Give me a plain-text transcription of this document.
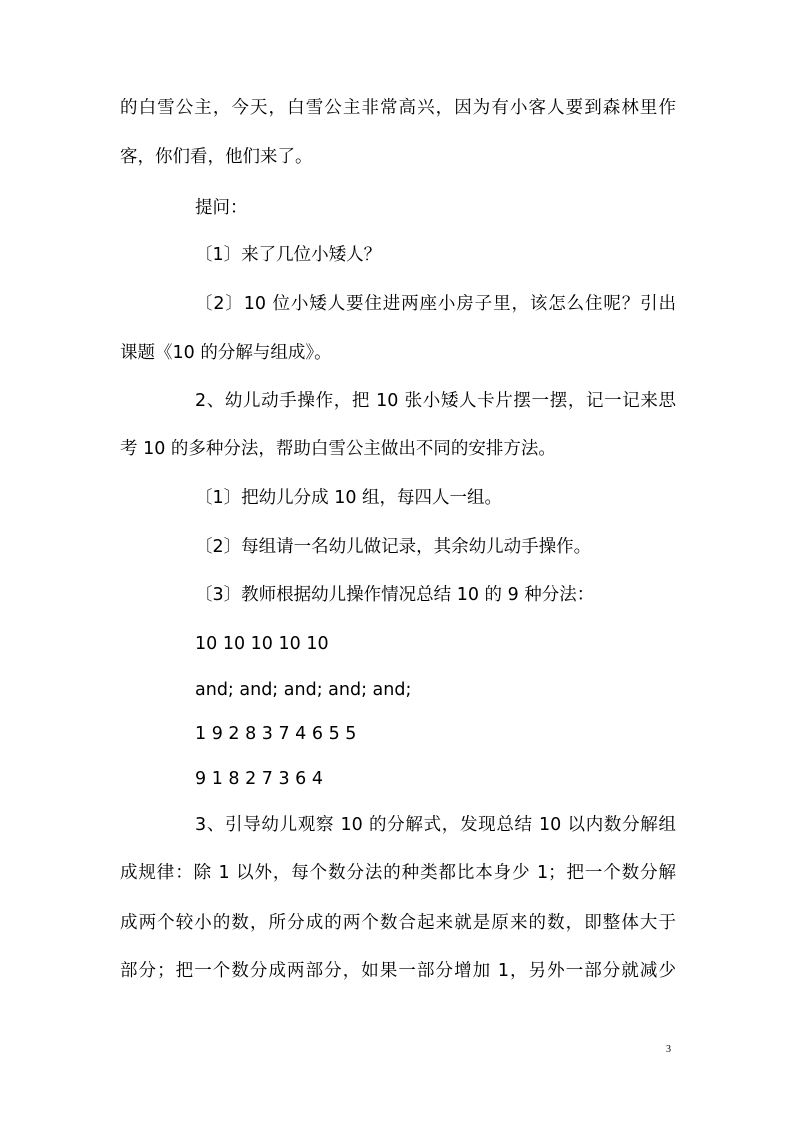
的白雪公主，今天，白雪公主非常高兴，因为有小客人要到森林里作
客，你们看，他们来了。
提问：
〔1〕来了几位小矮人？
〔2〕10 位小矮人要住进两座小房子里，该怎么住呢？引出
课题《10 的分解与组成》。
2、幼儿动手操作，把 10 张小矮人卡片摆一摆，记一记来思
考 10 的多种分法，帮助白雪公主做出不同的安排方法。
〔1〕把幼儿分成 10 组，每四人一组。
〔2〕每组请一名幼儿做记录，其余幼儿动手操作。
〔3〕教师根据幼儿操作情况总结 10 的 9 种分法：
10 10 10 10 10
and; and; and; and; and;
1 9 2 8 3 7 4 6 5 5
9 1 8 2 7 3 6 4
3、引导幼儿观察 10 的分解式，发现总结 10 以内数分解组
成规律：除 1 以外，每个数分法的种类都比本身少 1；把一个数分解
成两个较小的数，所分成的两个数合起来就是原来的数，即整体大于
部分；把一个数分成两部分，如果一部分增加 1，另外一部分就减少
3
